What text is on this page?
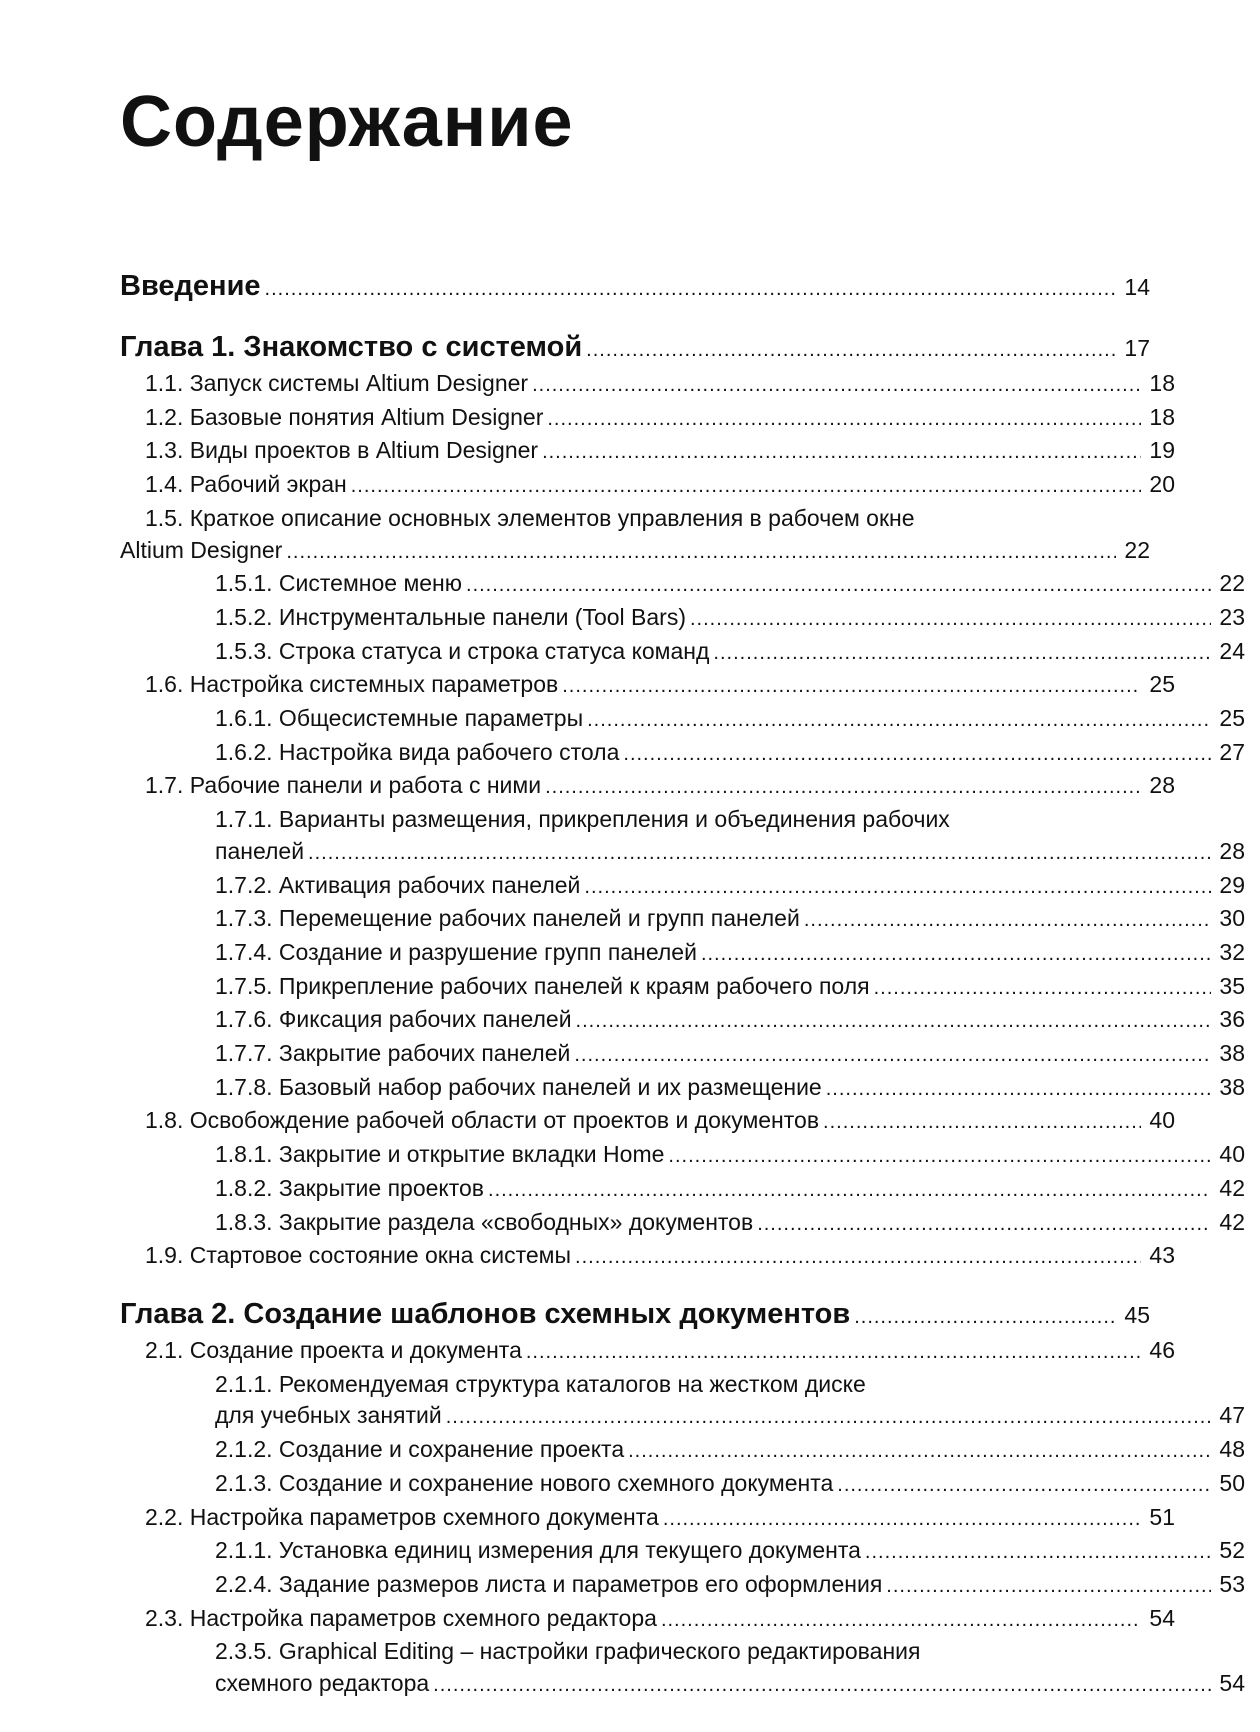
Содержание
Введение .....	14
Глава 1. Знакомство с системой .....	17
1.1. Запуск системы Altium Designer .....	18
1.2. Базовые понятия Altium Designer .....	18
1.3. Виды проектов в Altium Designer .....	19
1.4. Рабочий экран .....	20
1.5. Краткое описание основных элементов управления в рабочем окне
Altium Designer .....	22
1.5.1. Системное меню .....	22
1.5.2. Инструментальные панели (Tool Bars) .....	23
1.5.3. Строка статуса и строка статуса команд .....	24
1.6. Настройка системных параметров .....	25
1.6.1. Общесистемные параметры .....	25
1.6.2. Настройка вида рабочего стола .....	27
1.7. Рабочие панели и работа с ними .....	28
1.7.1. Варианты размещения, прикрепления и объединения рабочих
панелей .....	28
1.7.2. Активация рабочих панелей .....	29
1.7.3. Перемещение рабочих панелей и групп панелей .....	30
1.7.4. Создание и разрушение групп панелей .....	32
1.7.5. Прикрепление рабочих панелей к краям рабочего поля .....	35
1.7.6. Фиксация рабочих панелей .....	36
1.7.7. Закрытие рабочих панелей .....	38
1.7.8. Базовый набор рабочих панелей и их размещение .....	38
1.8. Освобождение рабочей области от проектов и документов .....	40
1.8.1. Закрытие и открытие вкладки Home .....	40
1.8.2. Закрытие проектов .....	42
1.8.3. Закрытие раздела «свободных» документов .....	42
1.9. Стартовое состояние окна системы .....	43
Глава 2. Создание шаблонов схемных документов .....	45
2.1. Создание проекта и документа .....	46
2.1.1. Рекомендуемая структура каталогов на жестком диске
для учебных занятий .....	47
2.1.2. Создание и сохранение проекта .....	48
2.1.3. Создание и сохранение нового схемного документа .....	50
2.2. Настройка параметров схемного документа .....	51
2.1.1. Установка единиц измерения для текущего документа .....	52
2.2.4. Задание размеров листа и параметров его оформления .....	53
2.3. Настройка параметров схемного редактора .....	54
2.3.5. Graphical Editing – настройки графического редактирования
схемного редактора .....	54
